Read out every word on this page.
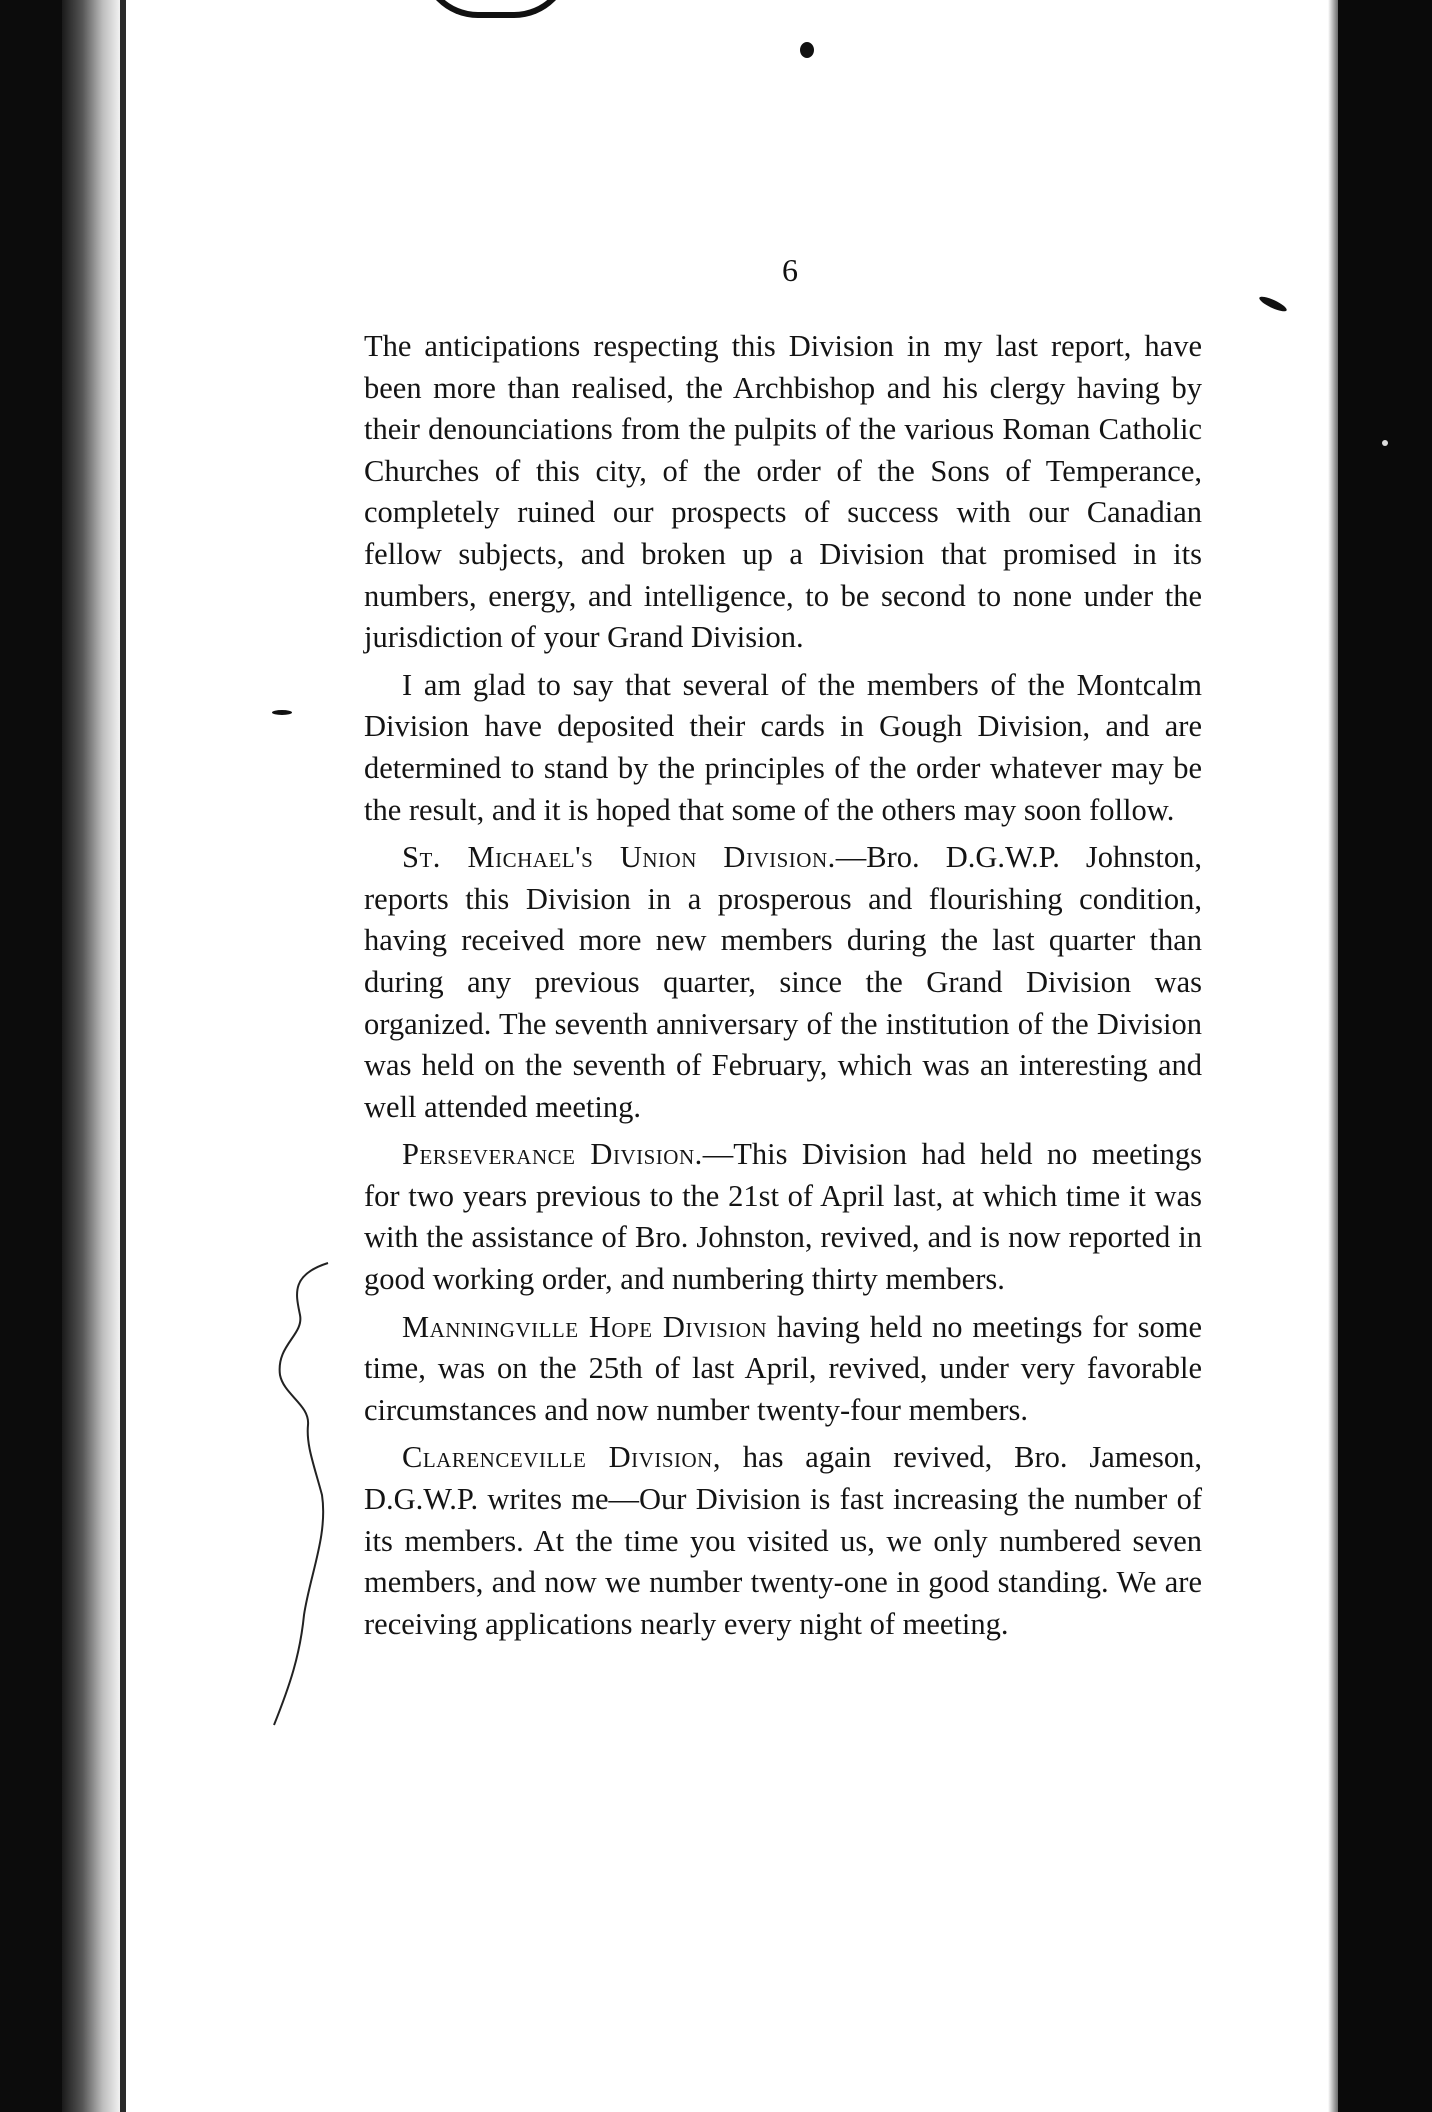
6

The anticipations respecting this Division in my last report, have been more than realised, the Archbishop and his clergy having by their denounciations from the pulpits of the various Roman Catholic Churches of this city, of the order of the Sons of Temperance, completely ruined our prospects of success with our Canadian fellow subjects, and broken up a Division that promised in its numbers, energy, and intelligence, to be second to none under the jurisdiction of your Grand Division.

I am glad to say that several of the members of the Montcalm Division have deposited their cards in Gough Division, and are determined to stand by the principles of the order whatever may be the result, and it is hoped that some of the others may soon follow.

St. Michael's Union Division.—Bro. D.G.W.P. Johnston, reports this Division in a prosperous and flourishing condition, having received more new members during the last quarter than during any previous quarter, since the Grand Division was organized. The seventh anniversary of the institution of the Division was held on the seventh of February, which was an interesting and well attended meeting.

Perseverance Division.—This Division had held no meetings for two years previous to the 21st of April last, at which time it was with the assistance of Bro. Johnston, revived, and is now reported in good working order, and numbering thirty members.

Manningville Hope Division having held no meetings for some time, was on the 25th of last April, revived, under very favorable circumstances and now number twenty-four members.

Clarenceville Division, has again revived, Bro. Jameson, D.G.W.P. writes me—Our Division is fast increasing the number of its members. At the time you visited us, we only numbered seven members, and now we number twenty-one in good standing. We are receiving applications nearly every night of meeting.
